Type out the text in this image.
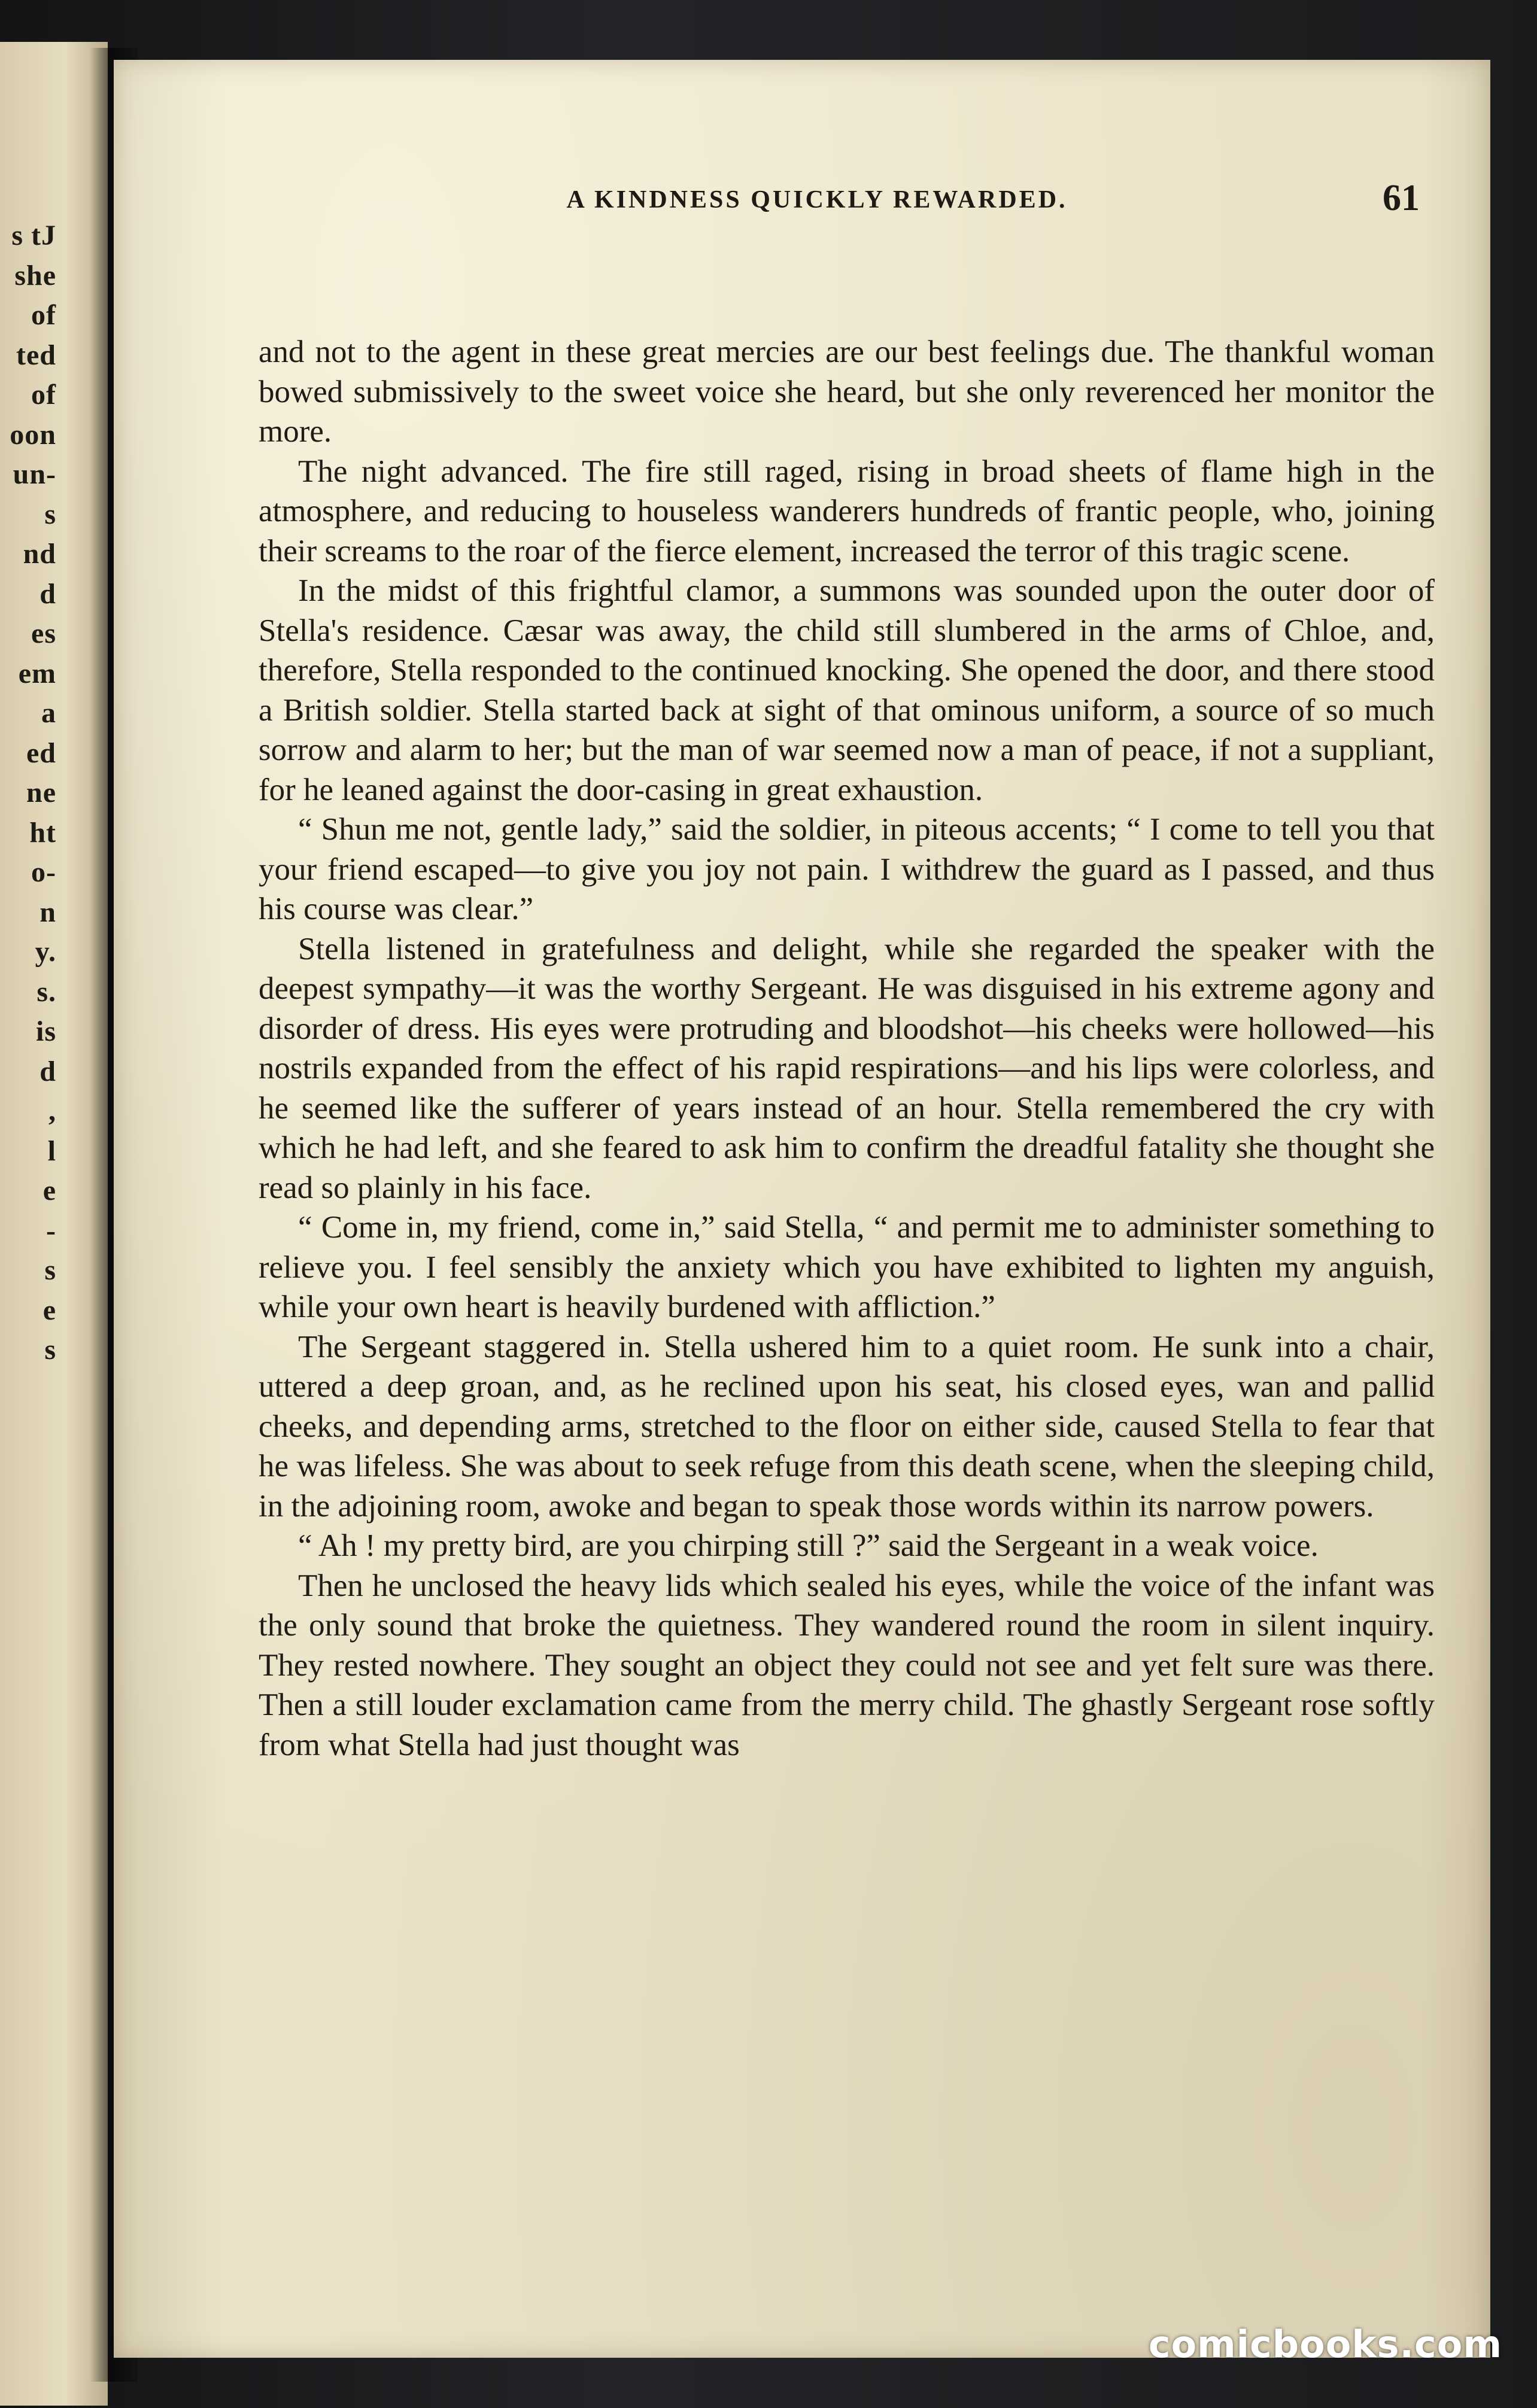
s tJ
she
of
ted
of
oon
un-
s
nd
d
es
em
a
ed
ne
ht
o-
n
y.
s.
is
d
,
l
e
-
s
e
s
A KINDNESS QUICKLY REWARDED.	61

and not to the agent in these great mercies are our best feelings due. The thankful woman bowed submissively to the sweet voice she heard, but she only reverenced her monitor the more.

The night advanced. The fire still raged, rising in broad sheets of flame high in the atmosphere, and reducing to houseless wanderers hundreds of frantic people, who, joining their screams to the roar of the fierce element, increased the terror of this tragic scene.

In the midst of this frightful clamor, a summons was sounded upon the outer door of Stella's residence. Cæsar was away, the child still slumbered in the arms of Chloe, and, therefore, Stella responded to the continued knocking. She opened the door, and there stood a British soldier. Stella started back at sight of that ominous uniform, a source of so much sorrow and alarm to her; but the man of war seemed now a man of peace, if not a suppliant, for he leaned against the door-casing in great exhaustion.

“ Shun me not, gentle lady,” said the soldier, in piteous accents; “ I come to tell you that your friend escaped—to give you joy not pain. I withdrew the guard as I passed, and thus his course was clear.”

Stella listened in gratefulness and delight, while she regarded the speaker with the deepest sympathy—it was the worthy Sergeant. He was disguised in his extreme agony and disorder of dress. His eyes were protruding and bloodshot—his cheeks were hollowed—his nostrils expanded from the effect of his rapid respirations—and his lips were colorless, and he seemed like the sufferer of years instead of an hour. Stella remembered the cry with which he had left, and she feared to ask him to confirm the dreadful fatality she thought she read so plainly in his face.

“ Come in, my friend, come in,” said Stella, “ and permit me to administer something to relieve you. I feel sensibly the anxiety which you have exhibited to lighten my anguish, while your own heart is heavily burdened with affliction.”

The Sergeant staggered in. Stella ushered him to a quiet room. He sunk into a chair, uttered a deep groan, and, as he reclined upon his seat, his closed eyes, wan and pallid cheeks, and depending arms, stretched to the floor on either side, caused Stella to fear that he was lifeless. She was about to seek refuge from this death scene, when the sleeping child, in the adjoining room, awoke and began to speak those words within its narrow powers.

“ Ah ! my pretty bird, are you chirping still ?” said the Sergeant in a weak voice.

Then he unclosed the heavy lids which sealed his eyes, while the voice of the infant was the only sound that broke the quietness. They wandered round the room in silent inquiry. They rested nowhere. They sought an object they could not see and yet felt sure was there. Then a still louder exclamation came from the merry child. The ghastly Sergeant rose softly from what Stella had just thought was

comicbooks.com
